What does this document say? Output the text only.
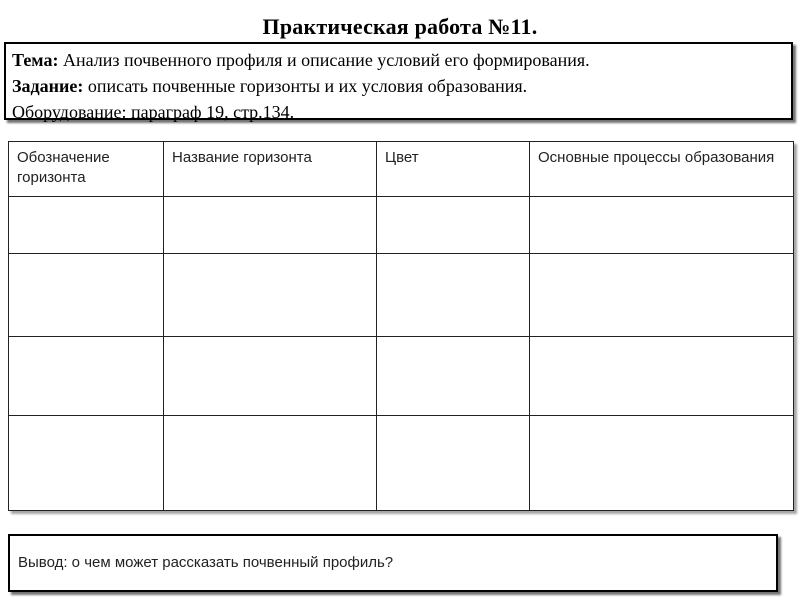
Практическая работа №11.
Тема: Анализ почвенного профиля и описание условий его формирования.
Задание: описать почвенные горизонты и их условия образования.
Оборудование: параграф 19, стр.134.
Обозначение горизонта	Название горизонта	Цвет	Основные процессы образования

Вывод: о чем может рассказать почвенный профиль?
